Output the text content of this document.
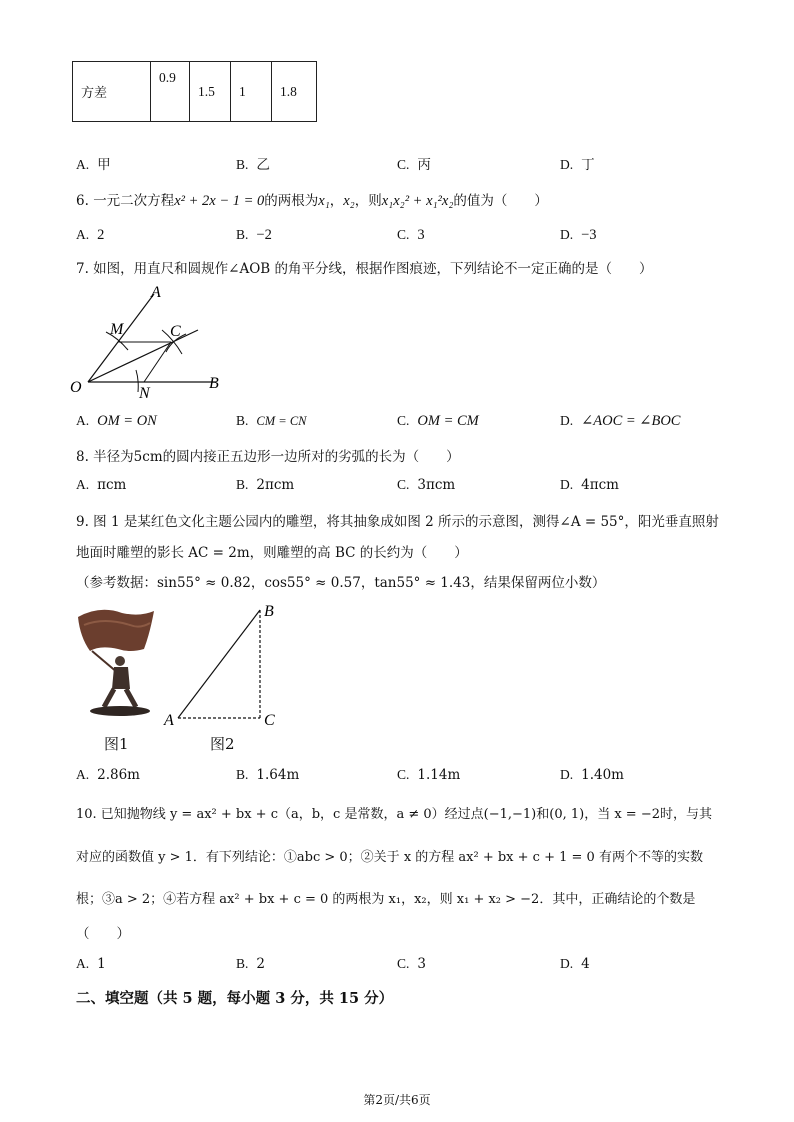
方差	0.9	1.5	1	1.8
A. 甲	B. 乙	C. 丙	D. 丁
6. 一元二次方程x² + 2x − 1 = 0的两根为x₁，x₂，则x₁x₂² + x₁²x₂的值为（　　）
A. 2	B. −2	C. 3	D. −3
7. 如图，用直尺和圆规作∠AOB 的角平分线，根据作图痕迹，下列结论不一定正确的是（　　）
A
M	C
O	N
B
A. OM = ON	B. CM = CN	C. OM = CM	D. ∠AOC = ∠BOC
8. 半径为5cm的圆内接正五边形一边所对的劣弧的长为（　　）
A. πcm	B. 2πcm	C. 3πcm	D. 4πcm
9. 图 1 是某红色文化主题公园内的雕塑，将其抽象成如图 2 所示的示意图，测得∠A = 55°，阳光垂直照射
地面时雕塑的影长 AC = 2m，则雕塑的高 BC 的长约为（　　）
（参考数据：sin55° ≈ 0.82，cos55° ≈ 0.57，tan55° ≈ 1.43，结果保留两位小数）
A
B
C
图1	图2
A. 2.86m	B. 1.64m	C. 1.14m	D. 1.40m
10. 已知抛物线 y = ax² + bx + c（a，b，c 是常数，a ≠ 0）经过点(−1,−1)和(0, 1)，当 x = −2时，与其
对应的函数值 y > 1．有下列结论：①abc > 0；②关于 x 的方程 ax² + bx + c + 1 = 0 有两个不等的实数
根；③a > 2；④若方程 ax² + bx + c = 0 的两根为 x₁，x₂，则 x₁ + x₂ > −2．其中，正确结论的个数是
（　　）
A. 1	B. 2	C. 3	D. 4
二、填空题（共 5 题，每小题 3 分，共 15 分）
第2页/共6页
